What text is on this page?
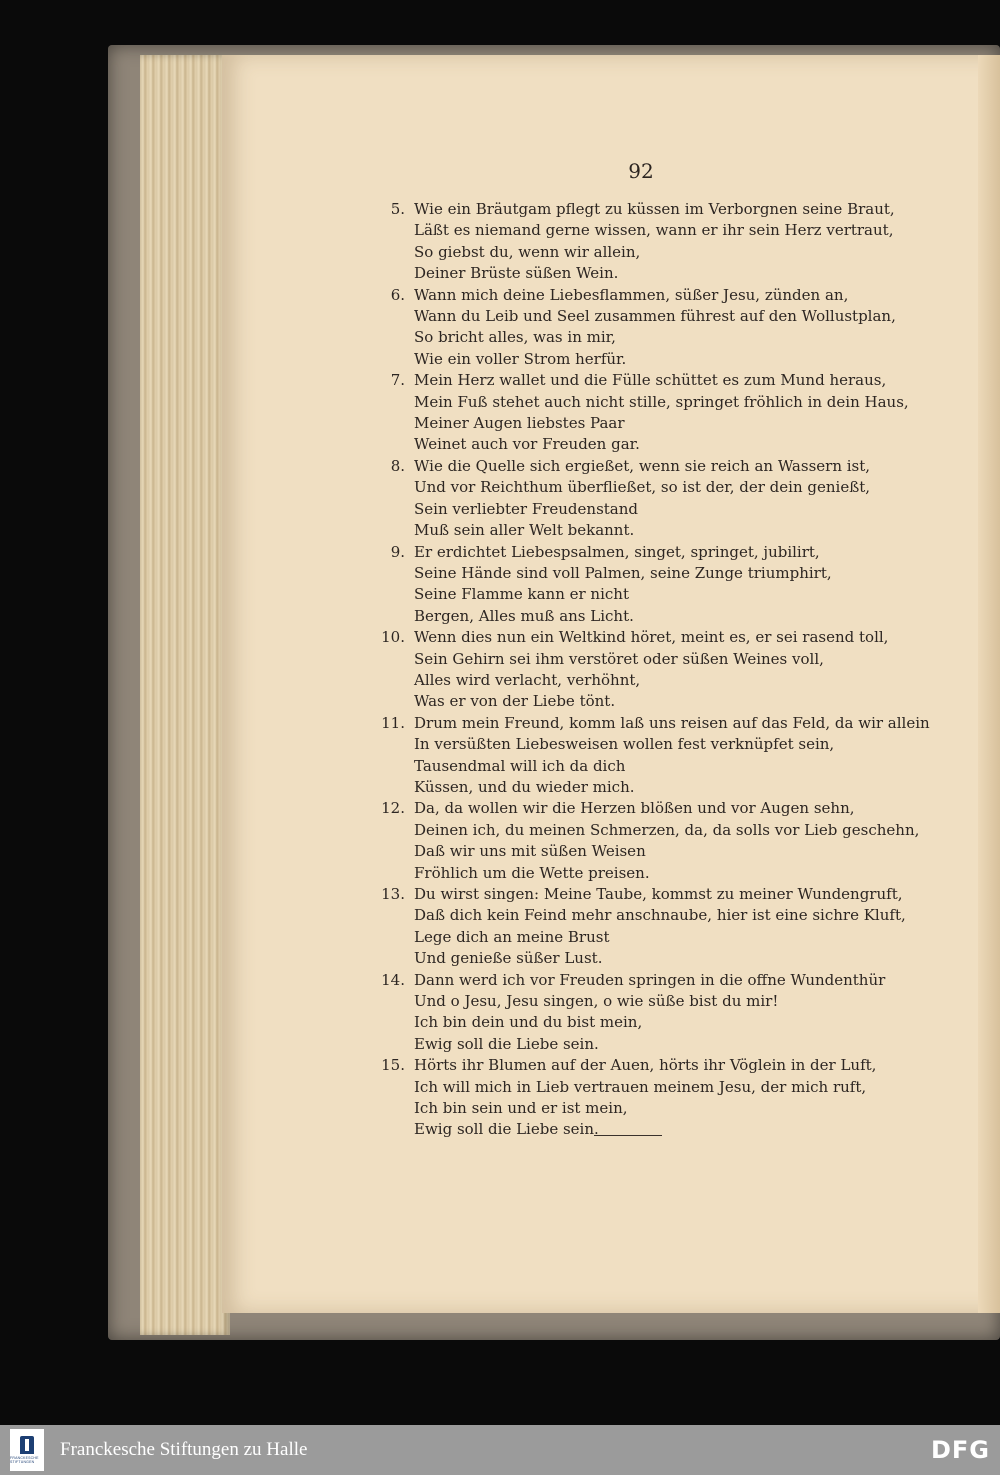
92
5. Wie ein Bräutgam pflegt zu küssen im Verborgnen seine Braut,
Läßt es niemand gerne wissen, wann er ihr sein Herz vertraut,
So giebst du, wenn wir allein,
Deiner Brüste süßen Wein.
6. Wann mich deine Liebesflammen, süßer Jesu, zünden an,
Wann du Leib und Seel zusammen führest auf den Wollustplan,
So bricht alles, was in mir,
Wie ein voller Strom herfür.
7. Mein Herz wallet und die Fülle schüttet es zum Mund heraus,
Mein Fuß stehet auch nicht stille, springet fröhlich in dein Haus,
Meiner Augen liebstes Paar
Weinet auch vor Freuden gar.
8. Wie die Quelle sich ergießet, wenn sie reich an Wassern ist,
Und vor Reichthum überfließet, so ist der, der dein genießt,
Sein verliebter Freudenstand
Muß sein aller Welt bekannt.
9. Er erdichtet Liebespsalmen, singet, springet, jubilirt,
Seine Hände sind voll Palmen, seine Zunge triumphirt,
Seine Flamme kann er nicht
Bergen, Alles muß ans Licht.
10. Wenn dies nun ein Weltkind höret, meint es, er sei rasend toll,
Sein Gehirn sei ihm verstöret oder süßen Weines voll,
Alles wird verlacht, verhöhnt,
Was er von der Liebe tönt.
11. Drum mein Freund, komm laß uns reisen auf das Feld, da wir allein
In versüßten Liebesweisen wollen fest verknüpfet sein,
Tausendmal will ich da dich
Küssen, und du wieder mich.
12. Da, da wollen wir die Herzen blößen und vor Augen sehn,
Deinen ich, du meinen Schmerzen, da, da solls vor Lieb geschehn,
Daß wir uns mit süßen Weisen
Fröhlich um die Wette preisen.
13. Du wirst singen: Meine Taube, kommst zu meiner Wundengruft,
Daß dich kein Feind mehr anschnaube, hier ist eine sichre Kluft,
Lege dich an meine Brust
Und genieße süßer Lust.
14. Dann werd ich vor Freuden springen in die offne Wundenthür
Und o Jesu, Jesu singen, o wie süße bist du mir!
Ich bin dein und du bist mein,
Ewig soll die Liebe sein.
15. Hörts ihr Blumen auf der Auen, hörts ihr Vöglein in der Luft,
Ich will mich in Lieb vertrauen meinem Jesu, der mich ruft,
Ich bin sein und er ist mein,
Ewig soll die Liebe sein.
FRANCKESCHE STIFTUNGEN
Franckesche Stiftungen zu Halle	DFG
